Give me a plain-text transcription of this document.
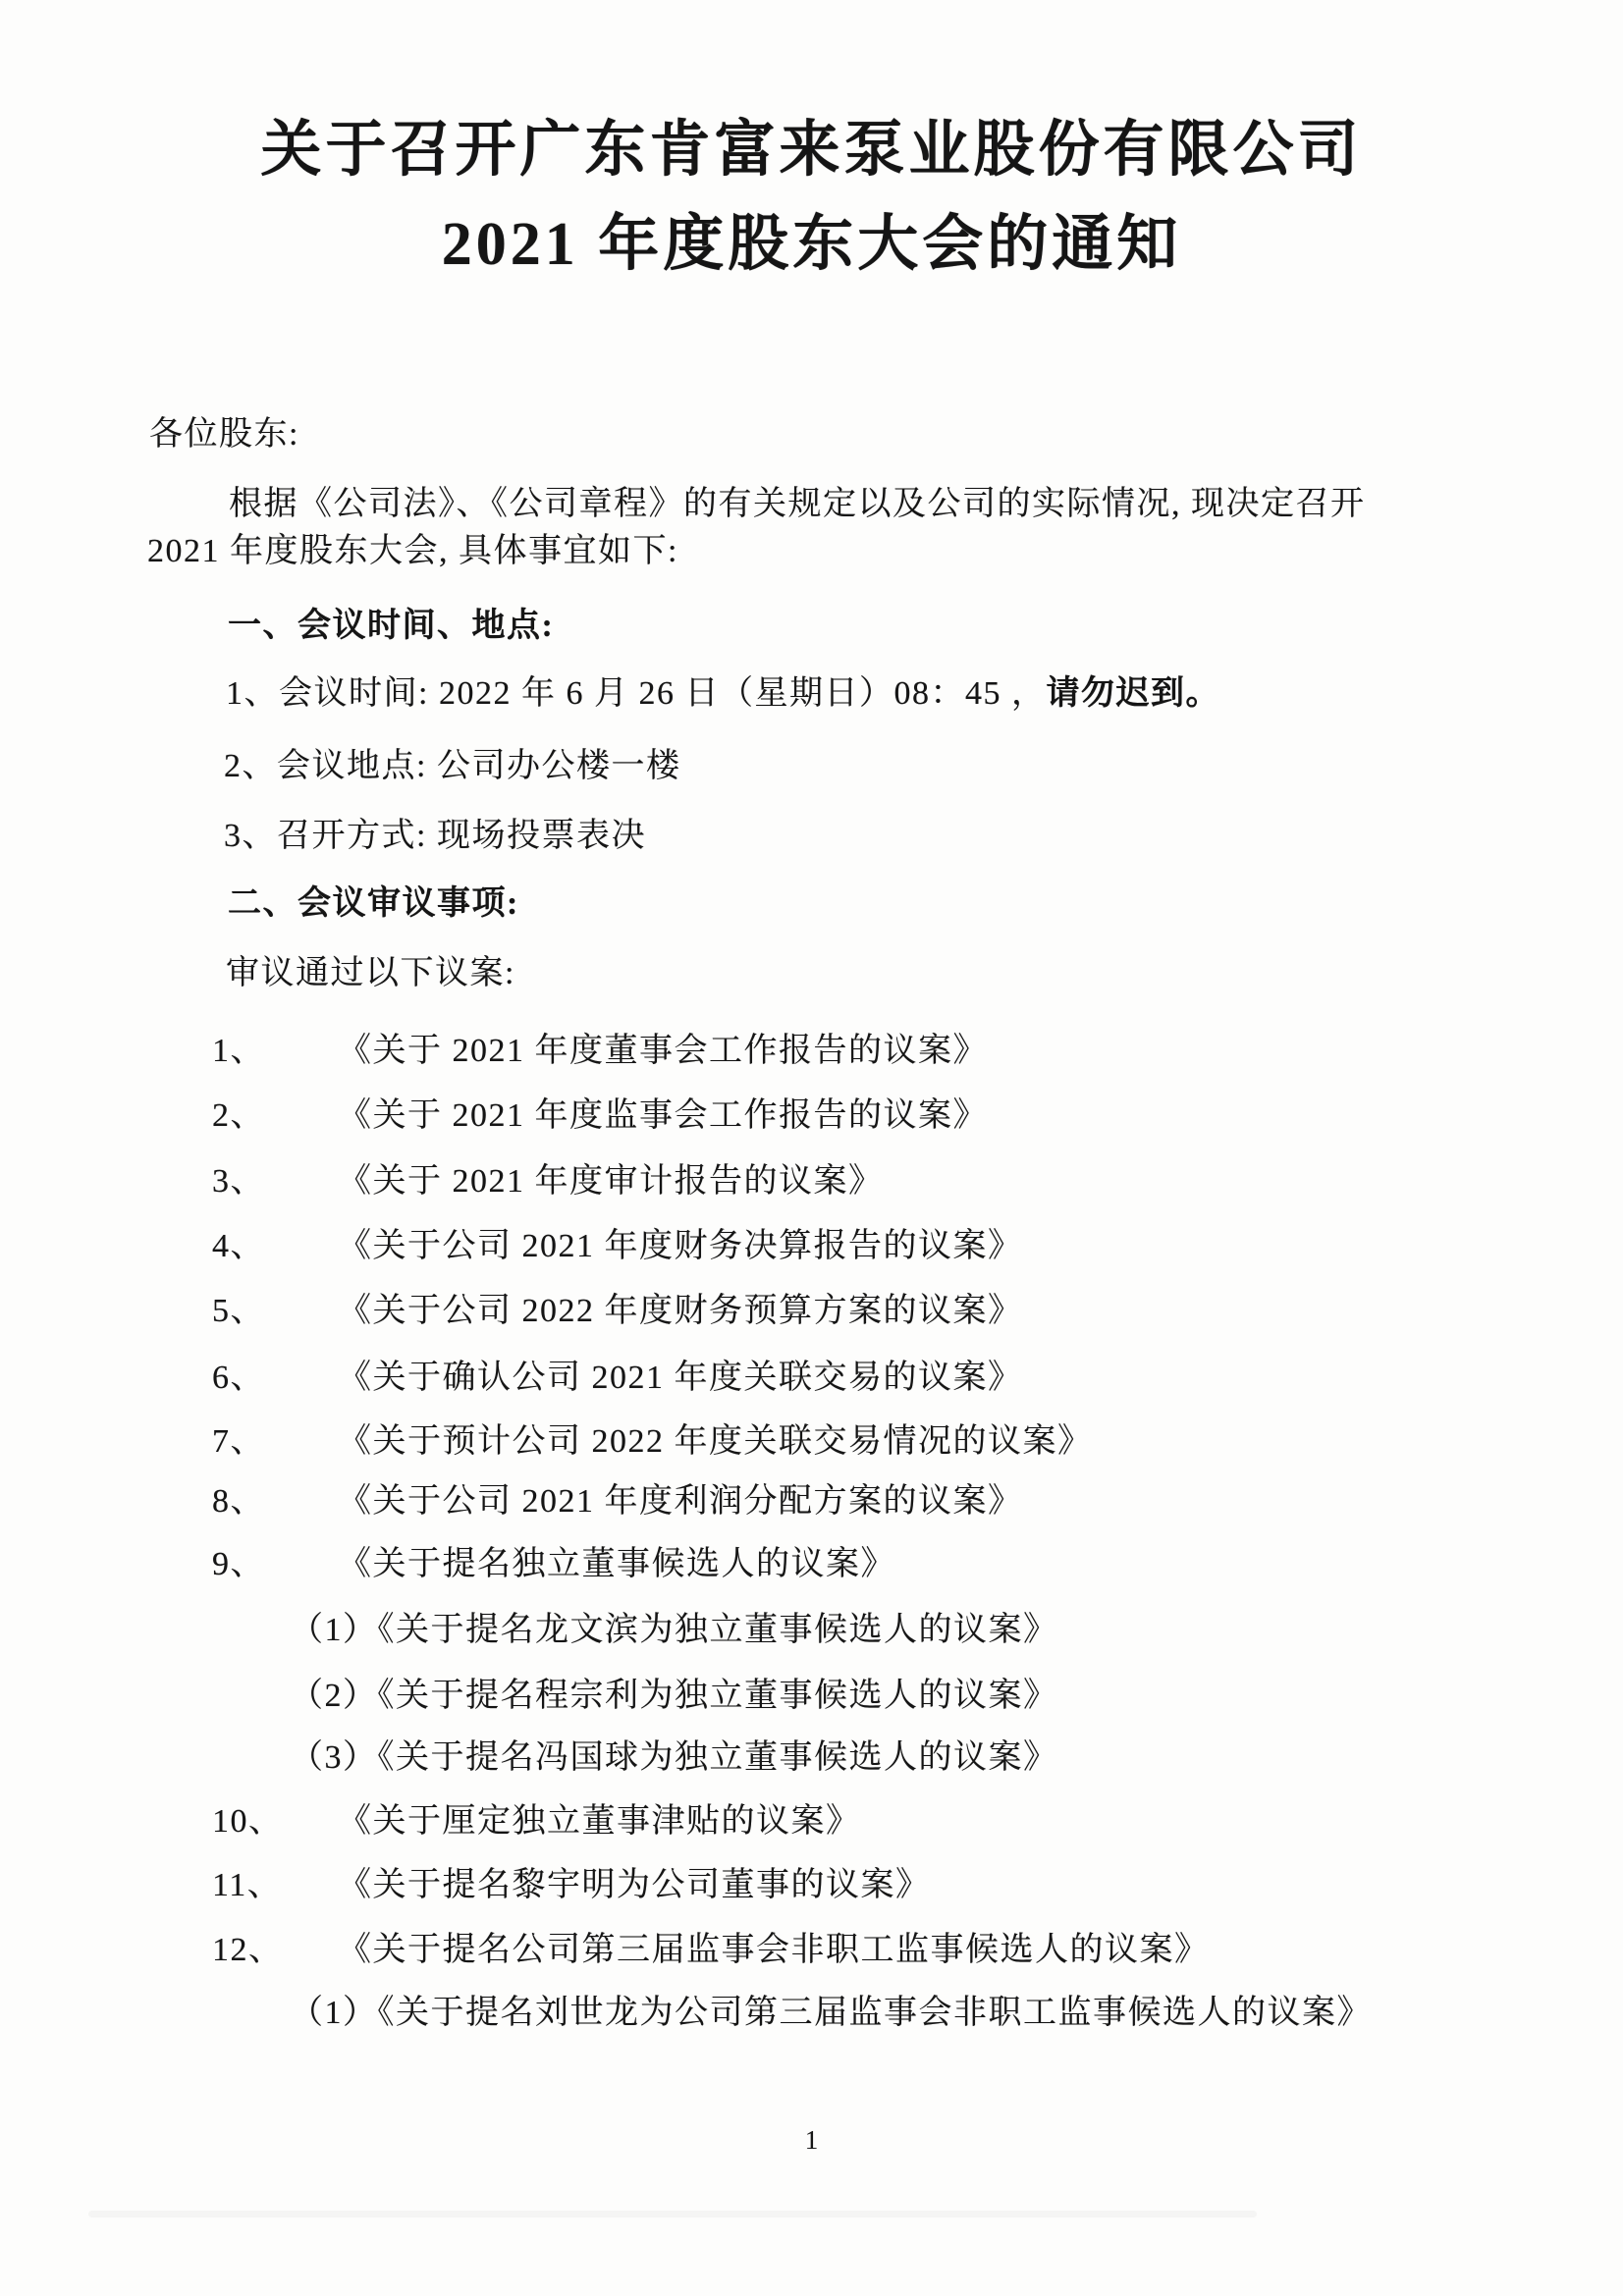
关于召开广东肯富来泵业股份有限公司
2021 年度股东大会的通知
各位股东:
根据《公司法》、《公司章程》的有关规定以及公司的实际情况, 现决定召开
2021 年度股东大会, 具体事宜如下:
一、会议时间、地点:
1、会议时间: 2022 年 6 月 26 日（星期日）08：45 ，请勿迟到。
2、会议地点: 公司办公楼一楼
3、召开方式: 现场投票表决
二、会议审议事项:
审议通过以下议案:
1、 《关于 2021 年度董事会工作报告的议案》
2、 《关于 2021 年度监事会工作报告的议案》
3、 《关于 2021 年度审计报告的议案》
4、 《关于公司 2021 年度财务决算报告的议案》
5、 《关于公司 2022 年度财务预算方案的议案》
6、 《关于确认公司 2021 年度关联交易的议案》
7、 《关于预计公司 2022 年度关联交易情况的议案》
8、 《关于公司 2021 年度利润分配方案的议案》
9、 《关于提名独立董事候选人的议案》
（1）《关于提名龙文滨为独立董事候选人的议案》
（2）《关于提名程宗利为独立董事候选人的议案》
（3）《关于提名冯国球为独立董事候选人的议案》
10、 《关于厘定独立董事津贴的议案》
11、 《关于提名黎宇明为公司董事的议案》
12、 《关于提名公司第三届监事会非职工监事候选人的议案》
（1）《关于提名刘世龙为公司第三届监事会非职工监事候选人的议案》
1
